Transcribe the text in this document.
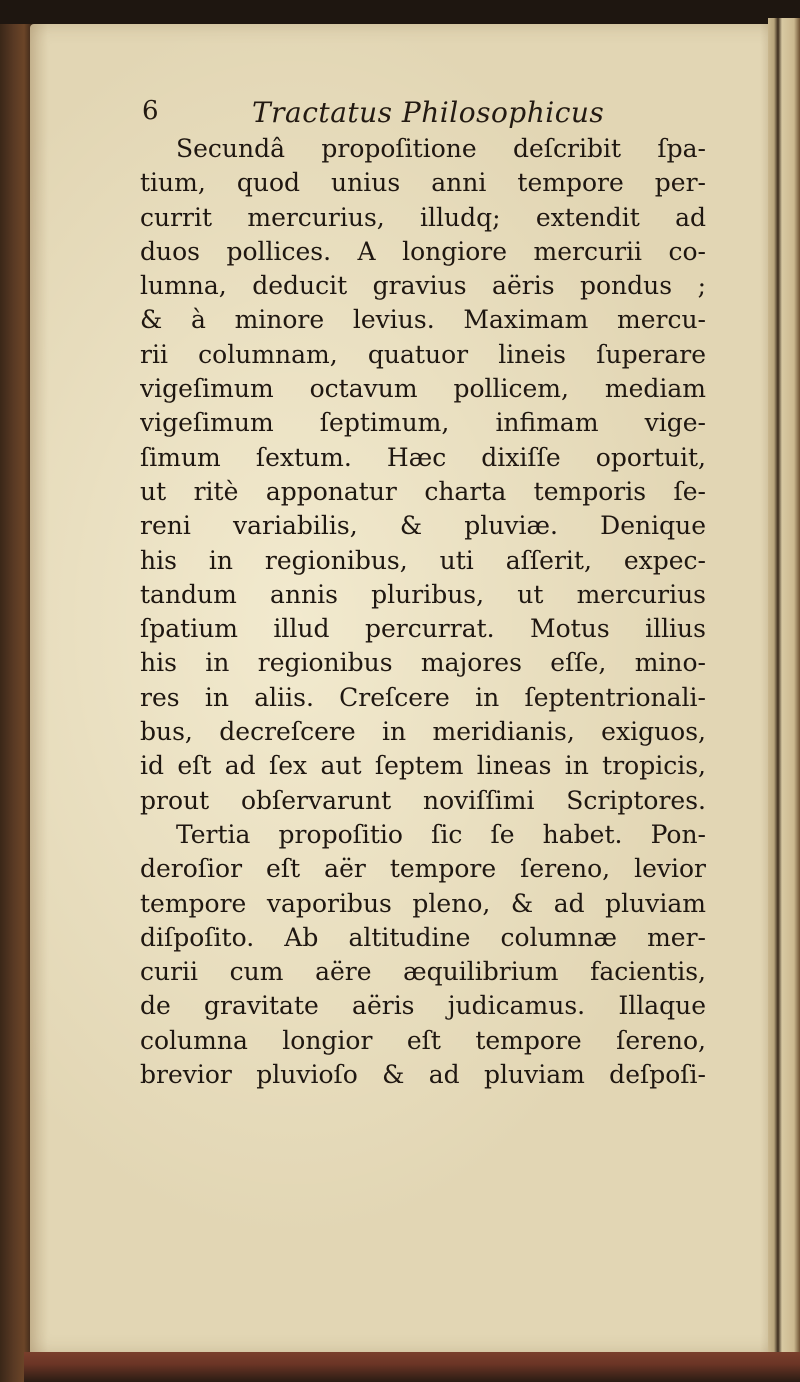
6	Tractatus Philosophicus
Secundâ propoſitione deſcribit ſpa-
tium, quod unius anni tempore per-
currit mercurius, illudq; extendit ad
duos pollices. A longiore mercurii co-
lumna, deducit gravius aëris pondus ;
& à minore levius. Maximam mercu-
rii columnam, quatuor lineis ſuperare
vigeſimum octavum pollicem, mediam
vigeſimum ſeptimum, infimam vige-
ſimum ſextum. Hæc dixiſſe oportuit,
ut ritè apponatur charta temporis ſe-
reni variabilis, & pluviæ. Denique
his in regionibus, uti aſſerit, expec-
tandum annis pluribus, ut mercurius
ſpatium illud percurrat. Motus illius
his in regionibus majores eſſe, mino-
res in aliis. Creſcere in ſeptentrionali-
bus, decreſcere in meridianis, exiguos,
id eſt ad ſex aut ſeptem lineas in tropicis,
prout obſervarunt noviſſimi Scriptores.
Tertia propoſitio ſic ſe habet. Pon-
deroſior eſt aër tempore ſereno, levior
tempore vaporibus pleno, & ad pluviam
diſpoſito. Ab altitudine columnæ mer-
curii cum aëre æquilibrium facientis,
de gravitate aëris judicamus. Illaque
columna longior eſt tempore ſereno,
brevior pluvioſo & ad pluviam deſpoſi-
